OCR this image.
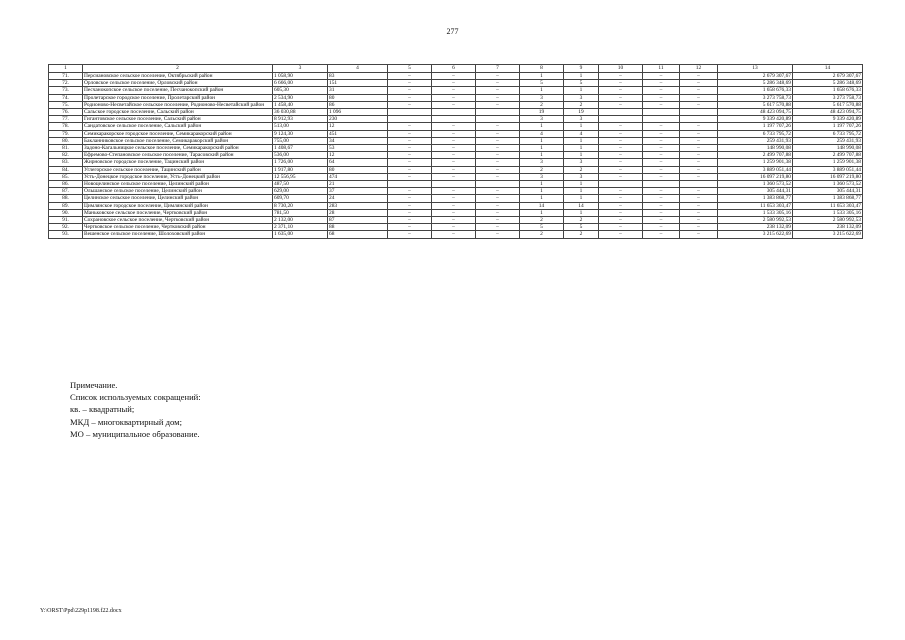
277
1	2	3	4	5	6	7	8	9	10	11	12	13	14
71.	Персиановское сельское поселение, Октябрьский район	1 058,90	83	–	–	–	1	1	–	–	–	2 679 307,67	2 679 307,67
72.	Орловское сельское поселение, Орловский район	6 666,00	151	–	–	–	5	5	–	–	–	5 286 348,69	5 286 348,69
73.	Песчанокопское сельское поселение, Песчанокопский район	605,30	31	–	–	–	1	1	–	–	–	1 658 676,33	1 658 676,33
74.	Пролетарское городское поселение, Пролетарский район	2 534,90	80	–	–	–	3	3	–	–	–	3 273 758,73	3 273 758,73
75.	Родионово-Несветайское сельское поселение, Родионово-Несветайский район	1 458,40	86	–	–	–	2	2	–	–	–	5 617 570,88	5 617 570,88
76.	Сальское городское поселение, Сальский район	36 030,88	1 096				19	19				48 423 094,75	48 423 094,75
77.	Гигантовское сельское поселение, Сальский район	8 912,93	230				3	3				9 339 420,89	9 339 420,89
78.	Сандатовское сельское поселение, Сальский район	513,00	12	–	–	–	1	1	–	–	–	1 197 707,26	1 197 707,26
79.	Семикаракорское городское поселение, Семикаракорский район	9 124,30	451	–	–	–	4	4	–	–	–	6 733 795,72	6 733 795,72
80.	Бакланниковское сельское поселение, Семикаракорский район	755,00	34	–	–	–	1	1	–	–	–	259 431,93	259 431,93
81.	Задоно-Кагальницкое сельское поселение, Семикаракорский район	1 408,67	53	–	–	–	1	1	–	–	–	148 990,08	148 990,08
82.	Ефремово-Степановское сельское поселение, Тарасовский район	536,00	12	–	–	–	1	1	–	–	–	2 499 707,88	2 499 707,88
83.	Жирновское городское поселение, Тацинский район	1 726,00	64	–	–	–	3	3	–	–	–	1 259 901,38	1 259 901,38
84.	Углегорское сельское поселение, Тацинский район	1 917,80	80	–	–	–	2	2	–	–	–	3 889 051,44	3 889 051,44
85.	Усть-Донецкое городское поселение, Усть-Донецкий район	12 556,95	474	–	–	–	3	3	–	–	–	16 097 219,80	16 097 219,80
86.	Новоцелинское сельское поселение, Целинский район	487,50	21				1	1				1 360 573,52	1 360 573,52
87.	Ольшанское сельское поселение, Целинский район	629,00	37	–	–	–	1	1	–	–	–	305 444,31	305 444,31
88.	Целинское сельское поселение, Целинский район	609,70	24	–	–	–	1	1	–	–	–	1 383 868,77	1 383 868,77
89.	Цимлянское городское поселение, Цимлянский район	8 730,20	283	–	–	–	14	14	–	–	–	11 653 303,47	11 653 303,47
90.	Маньковское сельское поселение, Чертковский район	781,50	28	–	–	–	1	1	–	–	–	1 533 305,16	1 533 305,16
91.	Сохрановское сельское поселение, Чертковский район	2 132,00	87	–	–	–	2	2	–	–	–	2 580 992,53	2 580 992,53
92.	Чертковское сельское поселение, Чертковский район	2 371,10	88	–	–	–	5	5	–	–	–	238 132,09	238 132,09
93.	Вешенское сельское поселение, Шолоховский район	1 635,00	68	–	–	–	2	2	–	–	–	3 215 622,69	3 215 622,69
Примечание.
Список используемых сокращений:
кв. – квадратный;
МКД – многоквартирный дом;
МО – муниципальное образование.
Y:\ORST\Ppd\229p1198.f22.docx
